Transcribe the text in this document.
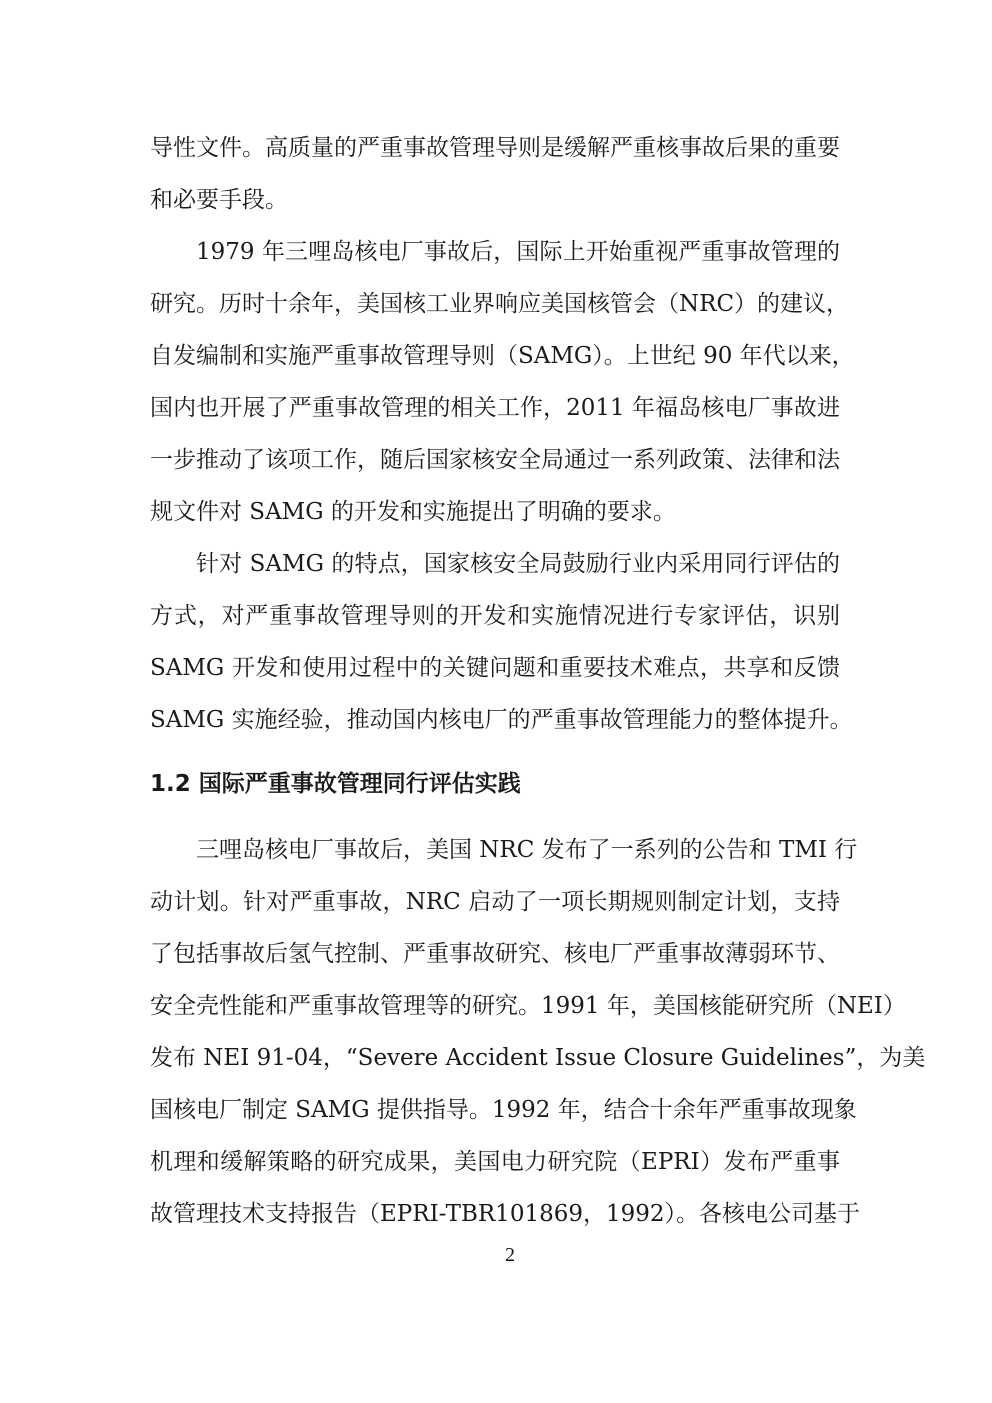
导性文件。高质量的严重事故管理导则是缓解严重核事故后果的重要
和必要手段。
1979 年三哩岛核电厂事故后，国际上开始重视严重事故管理的
研究。历时十余年，美国核工业界响应美国核管会（NRC）的建议，
自发编制和实施严重事故管理导则（SAMG）。上世纪 90 年代以来，
国内也开展了严重事故管理的相关工作，2011 年福岛核电厂事故进
一步推动了该项工作，随后国家核安全局通过一系列政策、法律和法
规文件对 SAMG 的开发和实施提出了明确的要求。
针对 SAMG 的特点，国家核安全局鼓励行业内采用同行评估的
方式，对严重事故管理导则的开发和实施情况进行专家评估，识别
SAMG 开发和使用过程中的关键问题和重要技术难点，共享和反馈
SAMG 实施经验，推动国内核电厂的严重事故管理能力的整体提升。
1.2 国际严重事故管理同行评估实践
三哩岛核电厂事故后，美国 NRC 发布了一系列的公告和 TMI 行
动计划。针对严重事故，NRC 启动了一项长期规则制定计划，支持
了包括事故后氢气控制、严重事故研究、核电厂严重事故薄弱环节、
安全壳性能和严重事故管理等的研究。1991 年，美国核能研究所（NEI）
发布 NEI 91-04，“Severe Accident Issue Closure Guidelines”，为美
国核电厂制定 SAMG 提供指导。1992 年，结合十余年严重事故现象
机理和缓解策略的研究成果，美国电力研究院（EPRI）发布严重事
故管理技术支持报告（EPRI-TBR101869，1992）。各核电公司基于
2
